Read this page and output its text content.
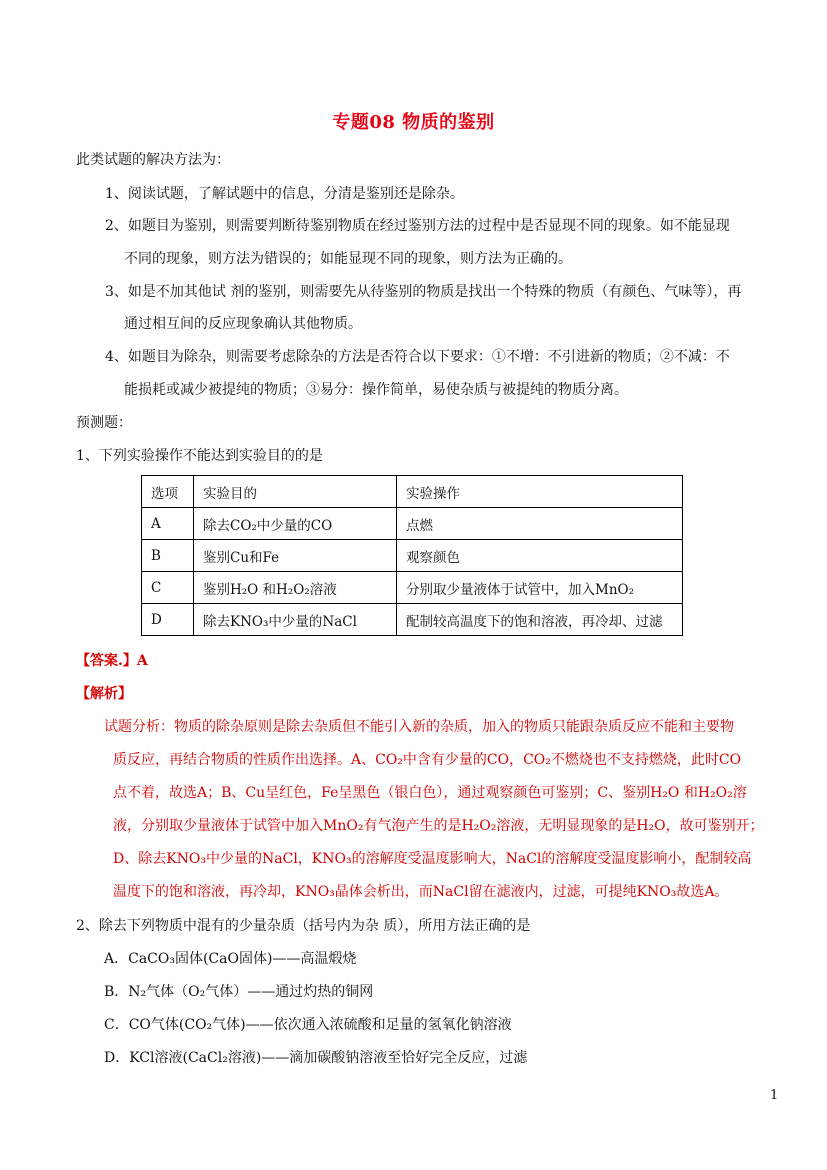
专题08 物质的鉴别
此类试题的解决方法为：
1、阅读试题，了解试题中的信息，分清是鉴别还是除杂。
2、如题目为鉴别，则需要判断待鉴别物质在经过鉴别方法的过程中是否显现不同的现象。如不能显现
不同的现象，则方法为错误的；如能显现不同的现象，则方法为正确的。
3、如是不加其他试 剂的鉴别，则需要先从待鉴别的物质是找出一个特殊的物质（有颜色、气味等），再
通过相互间的反应现象确认其他物质。
4、如题目为除杂，则需要考虑除杂的方法是否符合以下要求：①不增：不引进新的物质；②不减：不
能损耗或减少被提纯的物质；③易分：操作简单，易使杂质与被提纯的物质分离。
预测题：
1、下列实验操作不能达到实验目的的是
选项	实验目的	实验操作
A	除去CO₂中少量的CO	点燃
B	鉴别Cu和Fe	观察颜色
C	鉴别H₂O 和H₂O₂溶液	分别取少量液体于试管中，加入MnO₂
D	除去KNO₃中少量的NaCl	配制较高温度下的饱和溶液，再冷却、过滤
【答案.】A
【解析】
试题分析：物质的除杂原则是除去杂质但不能引入新的杂质，加入的物质只能跟杂质反应不能和主要物
质反应，再结合物质的性质作出选择。A、CO₂中含有少量的CO，CO₂不燃烧也不支持燃烧，此时CO
点不着，故选A；B、Cu呈红色，Fe呈黑色（银白色），通过观察颜色可鉴别；C、鉴别H₂O 和H₂O₂溶
液，分别取少量液体于试管中加入MnO₂有气泡产生的是H₂O₂溶液，无明显现象的是H₂O，故可鉴别开；
D、除去KNO₃中少量的NaCl，KNO₃的溶解度受温度影响大，NaCl的溶解度受温度影响小，配制较高
温度下的饱和溶液，再冷却，KNO₃晶体会析出，而NaCl留在滤液内，过滤，可提纯KNO₃故选A。
2、除去下列物质中混有的少量杂质（括号内为杂 质），所用方法正确的是
A．CaCO₃固体(CaO固体)——高温煅烧
B．N₂气体（O₂气体）——通过灼热的铜网
C．CO气体(CO₂气体)——依次通入浓硫酸和足量的氢氧化钠溶液
D．KCl溶液(CaCl₂溶液)——滴加碳酸钠溶液至恰好完全反应，过滤
1
